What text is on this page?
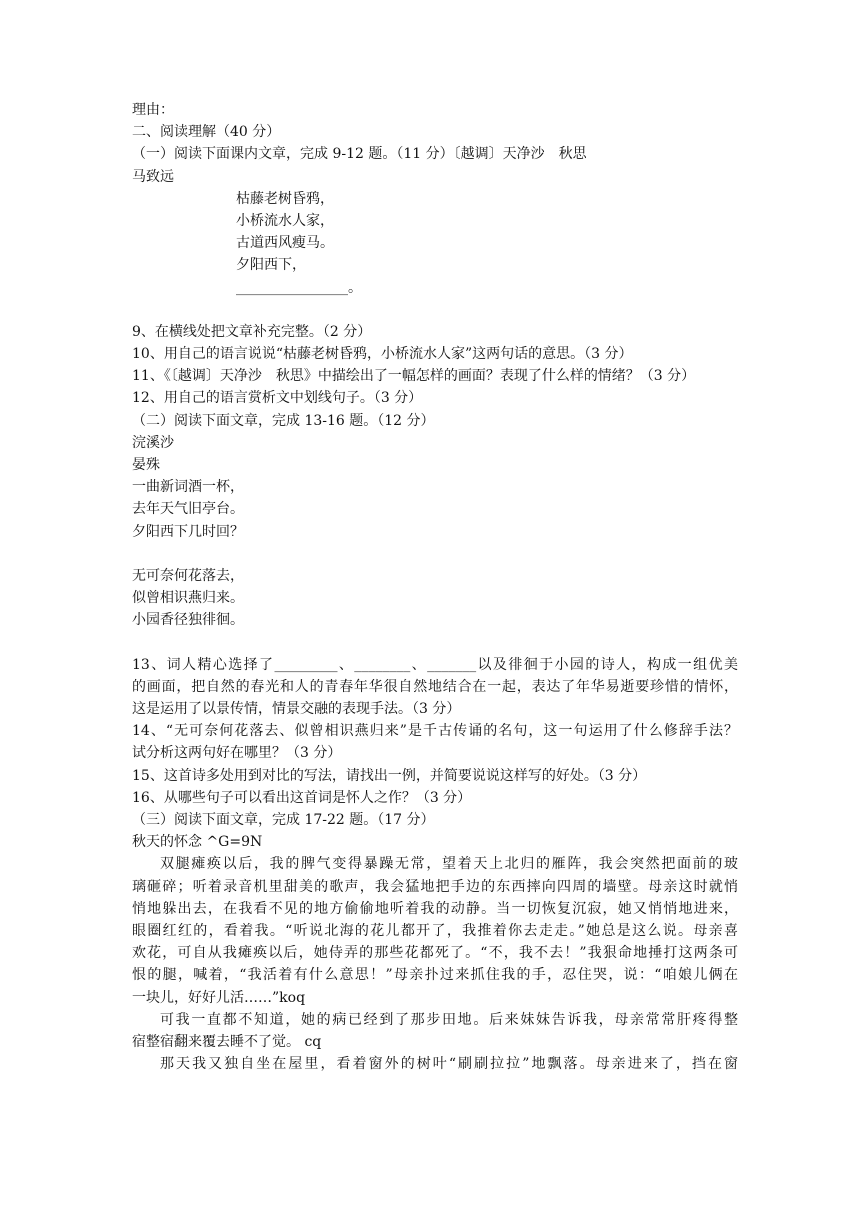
理由：
二、阅读理解（40 分）
（一）阅读下面课内文章，完成 9-12 题。（11 分）〔越调〕天净沙　秋思
马致远
枯藤老树昏鸦，
小桥流水人家，
古道西风瘦马。
夕阳西下，
________________。
9、在横线处把文章补充完整。（2 分）
10、用自己的语言说说“枯藤老树昏鸦，小桥流水人家”这两句话的意思。（3 分）
11、《〔越调〕天净沙　秋思》中描绘出了一幅怎样的画面？表现了什么样的情绪？（3 分）
12、用自己的语言赏析文中划线句子。（3 分）
（二）阅读下面文章，完成 13-16 题。（12 分）
浣溪沙
晏殊
一曲新词酒一杯，
去年天气旧亭台。
夕阳西下几时回？
无可奈何花落去，
似曾相识燕归来。
小园香径独徘徊。
13、词人精心选择了_________、________、_______以及徘徊于小园的诗人，构成一组优美
的画面，把自然的春光和人的青春年华很自然地结合在一起，表达了年华易逝要珍惜的情怀，
这是运用了以景传情，情景交融的表现手法。（3 分）
14、“无可奈何花落去、似曾相识燕归来”是千古传诵的名句，这一句运用了什么修辞手法？
试分析这两句好在哪里？（3 分）
15、这首诗多处用到对比的写法，请找出一例，并简要说说这样写的好处。（3 分）
16、从哪些句子可以看出这首词是怀人之作？（3 分）
（三）阅读下面文章，完成 17-22 题。（17 分）
秋天的怀念 ^G=9N
双腿瘫痪以后，我的脾气变得暴躁无常，望着天上北归的雁阵，我会突然把面前的玻
璃砸碎；听着录音机里甜美的歌声，我会猛地把手边的东西摔向四周的墙壁。母亲这时就悄
悄地躲出去，在我看不见的地方偷偷地听着我的动静。当一切恢复沉寂，她又悄悄地进来，
眼圈红红的，看着我。“听说北海的花儿都开了，我推着你去走走。”她总是这么说。母亲喜
欢花，可自从我瘫痪以后，她侍弄的那些花都死了。“不，我不去！”我狠命地捶打这两条可
恨的腿，喊着，“我活着有什么意思！”母亲扑过来抓住我的手，忍住哭，说：“咱娘儿俩在
一块儿，好好儿活……”koq
可我一直都不知道，她的病已经到了那步田地。后来妹妹告诉我，母亲常常肝疼得整
宿整宿翻来覆去睡不了觉。 cq
那天我又独自坐在屋里，看着窗外的树叶“刷刷拉拉”地飘落。母亲进来了，挡在窗
